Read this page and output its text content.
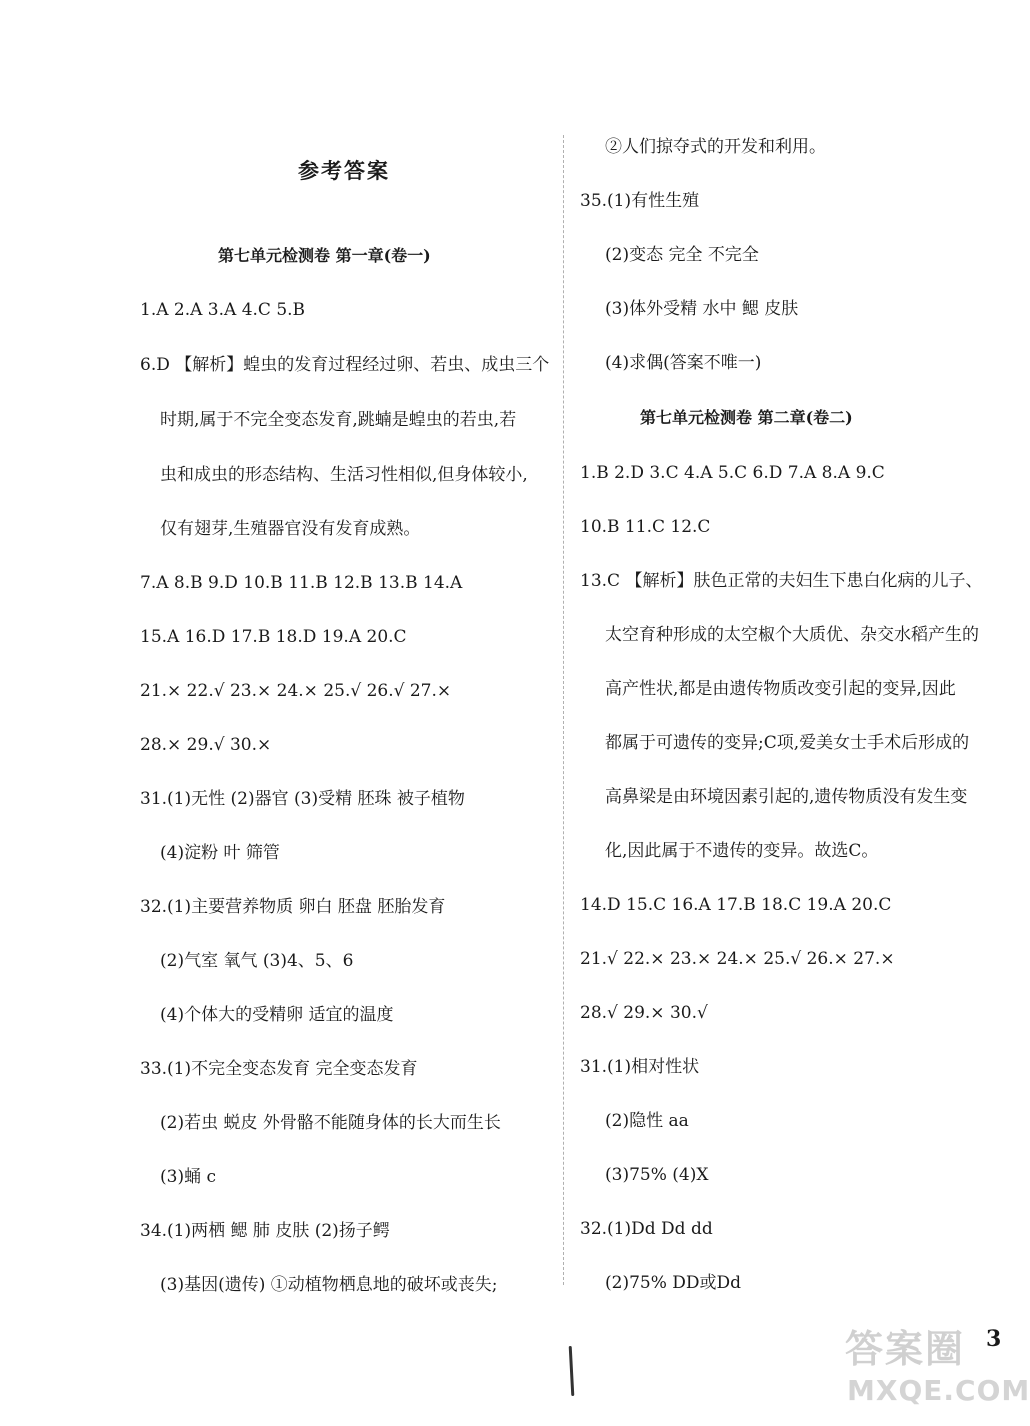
参考答案
第七单元检测卷 第一章(卷一)
1.A 2.A 3.A 4.C 5.B
6.D 【解析】蝗虫的发育过程经过卵、若虫、成虫三个
时期,属于不完全变态发育,跳蝻是蝗虫的若虫,若
虫和成虫的形态结构、生活习性相似,但身体较小,
仅有翅芽,生殖器官没有发育成熟。
7.A 8.B 9.D 10.B 11.B 12.B 13.B 14.A
15.A 16.D 17.B 18.D 19.A 20.C
21.× 22.√ 23.× 24.× 25.√ 26.√ 27.×
28.× 29.√ 30.×
31.(1)无性 (2)器官 (3)受精 胚珠 被子植物
(4)淀粉 叶 筛管
32.(1)主要营养物质 卵白 胚盘 胚胎发育
(2)气室 氧气 (3)4、5、6
(4)个体大的受精卵 适宜的温度
33.(1)不完全变态发育 完全变态发育
(2)若虫 蜕皮 外骨骼不能随身体的长大而生长
(3)蛹 c
34.(1)两栖 鳃 肺 皮肤 (2)扬子鳄
(3)基因(遗传) ①动植物栖息地的破坏或丧失;
②人们掠夺式的开发和利用。
35.(1)有性生殖
(2)变态 完全 不完全
(3)体外受精 水中 鳃 皮肤
(4)求偶(答案不唯一)
第七单元检测卷 第二章(卷二)
1.B 2.D 3.C 4.A 5.C 6.D 7.A 8.A 9.C
10.B 11.C 12.C
13.C 【解析】肤色正常的夫妇生下患白化病的儿子、
太空育种形成的太空椒个大质优、杂交水稻产生的
高产性状,都是由遗传物质改变引起的变异,因此
都属于可遗传的变异;C项,爱美女士手术后形成的
高鼻梁是由环境因素引起的,遗传物质没有发生变
化,因此属于不遗传的变异。故选C。
14.D 15.C 16.A 17.B 18.C 19.A 20.C
21.√ 22.× 23.× 24.× 25.√ 26.× 27.×
28.√ 29.× 30.√
31.(1)相对性状
(2)隐性 aa
(3)75% (4)X
32.(1)Dd Dd dd
(2)75% DD或Dd
答案圈
MXQE.COM
3
